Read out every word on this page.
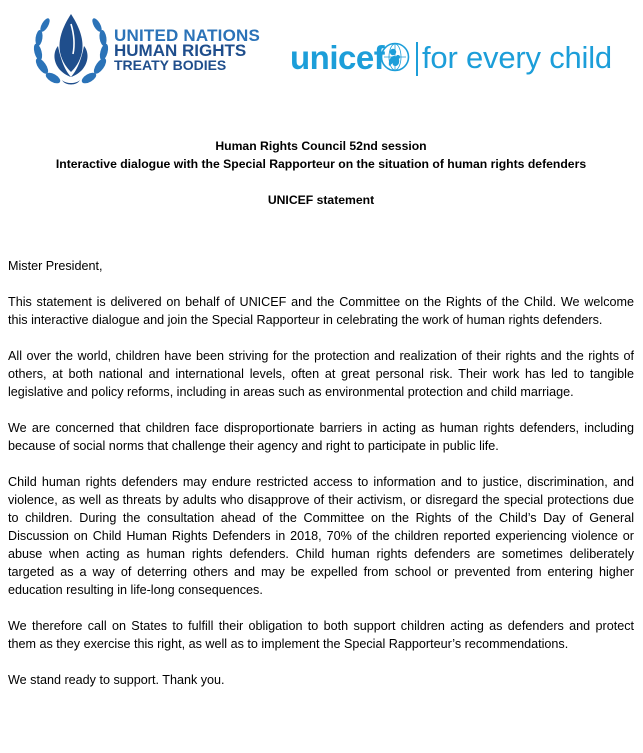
UNITED NATIONS
HUMAN RIGHTS
TREATY BODIES	unicef for every child
Human Rights Council 52nd session
Interactive dialogue with the Special Rapporteur on the situation of human rights defenders
UNICEF statement
Mister President,

This statement is delivered on behalf of UNICEF and the Committee on the Rights of the Child. We welcome this interactive dialogue and join the Special Rapporteur in celebrating the work of human rights defenders.

All over the world, children have been striving for the protection and realization of their rights and the rights of others, at both national and international levels, often at great personal risk. Their work has led to tangible legislative and policy reforms, including in areas such as environmental protection and child marriage.

We are concerned that children face disproportionate barriers in acting as human rights defenders, including because of social norms that challenge their agency and right to participate in public life.

Child human rights defenders may endure restricted access to information and to justice, discrimination, and violence, as well as threats by adults who disapprove of their activism, or disregard the special protections due to children. During the consultation ahead of the Committee on the Rights of the Child’s Day of General Discussion on Child Human Rights Defenders in 2018, 70% of the children reported experiencing violence or abuse when acting as human rights defenders. Child human rights defenders are sometimes deliberately targeted as a way of deterring others and may be expelled from school or prevented from entering higher education resulting in life-long consequences.

We therefore call on States to fulfill their obligation to both support children acting as defenders and protect them as they exercise this right, as well as to implement the Special Rapporteur’s recommendations.

We stand ready to support. Thank you.
